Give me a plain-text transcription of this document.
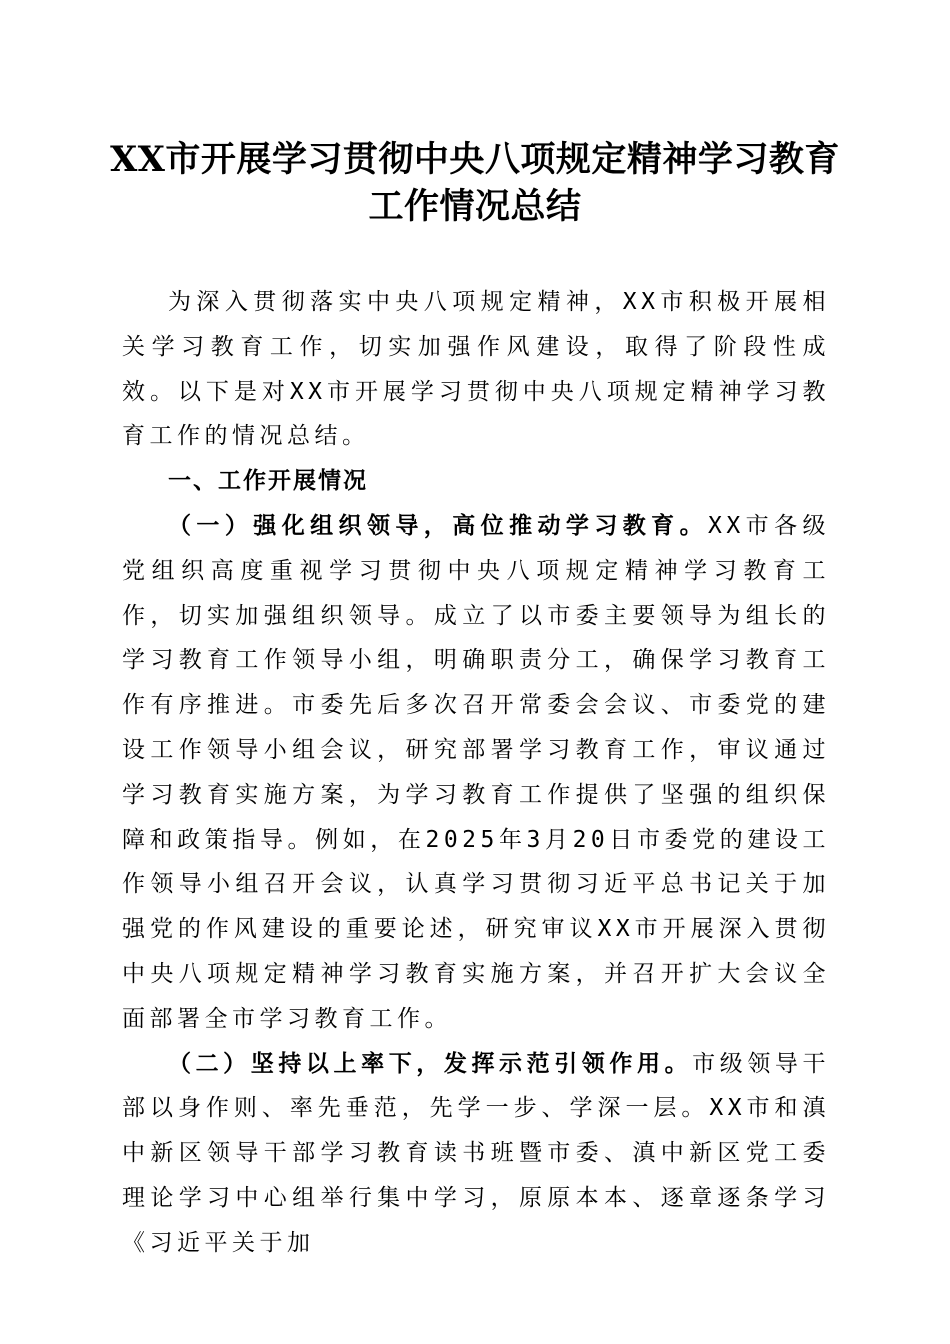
XX市开展学习贯彻中央八项规定精神学习教育工作情况总结

为深入贯彻落实中央八项规定精神，XX市积极开展相关学习教育工作，切实加强作风建设，取得了阶段性成效。以下是对XX市开展学习贯彻中央八项规定精神学习教育工作的情况总结。

一、工作开展情况

（一）强化组织领导，高位推动学习教育。XX市各级党组织高度重视学习贯彻中央八项规定精神学习教育工作，切实加强组织领导。成立了以市委主要领导为组长的学习教育工作领导小组，明确职责分工，确保学习教育工作有序推进。市委先后多次召开常委会会议、市委党的建设工作领导小组会议，研究部署学习教育工作，审议通过学习教育实施方案，为学习教育工作提供了坚强的组织保障和政策指导。例如，在2025年3月20日市委党的建设工作领导小组召开会议，认真学习贯彻习近平总书记关于加强党的作风建设的重要论述，研究审议XX市开展深入贯彻中央八项规定精神学习教育实施方案，并召开扩大会议全面部署全市学习教育工作。

（二）坚持以上率下，发挥示范引领作用。市级领导干部以身作则、率先垂范，先学一步、学深一层。XX市和滇中新区领导干部学习教育读书班暨市委、滇中新区党工委理论学习中心组举行集中学习，原原本本、逐章逐条学习《习近平关于加
